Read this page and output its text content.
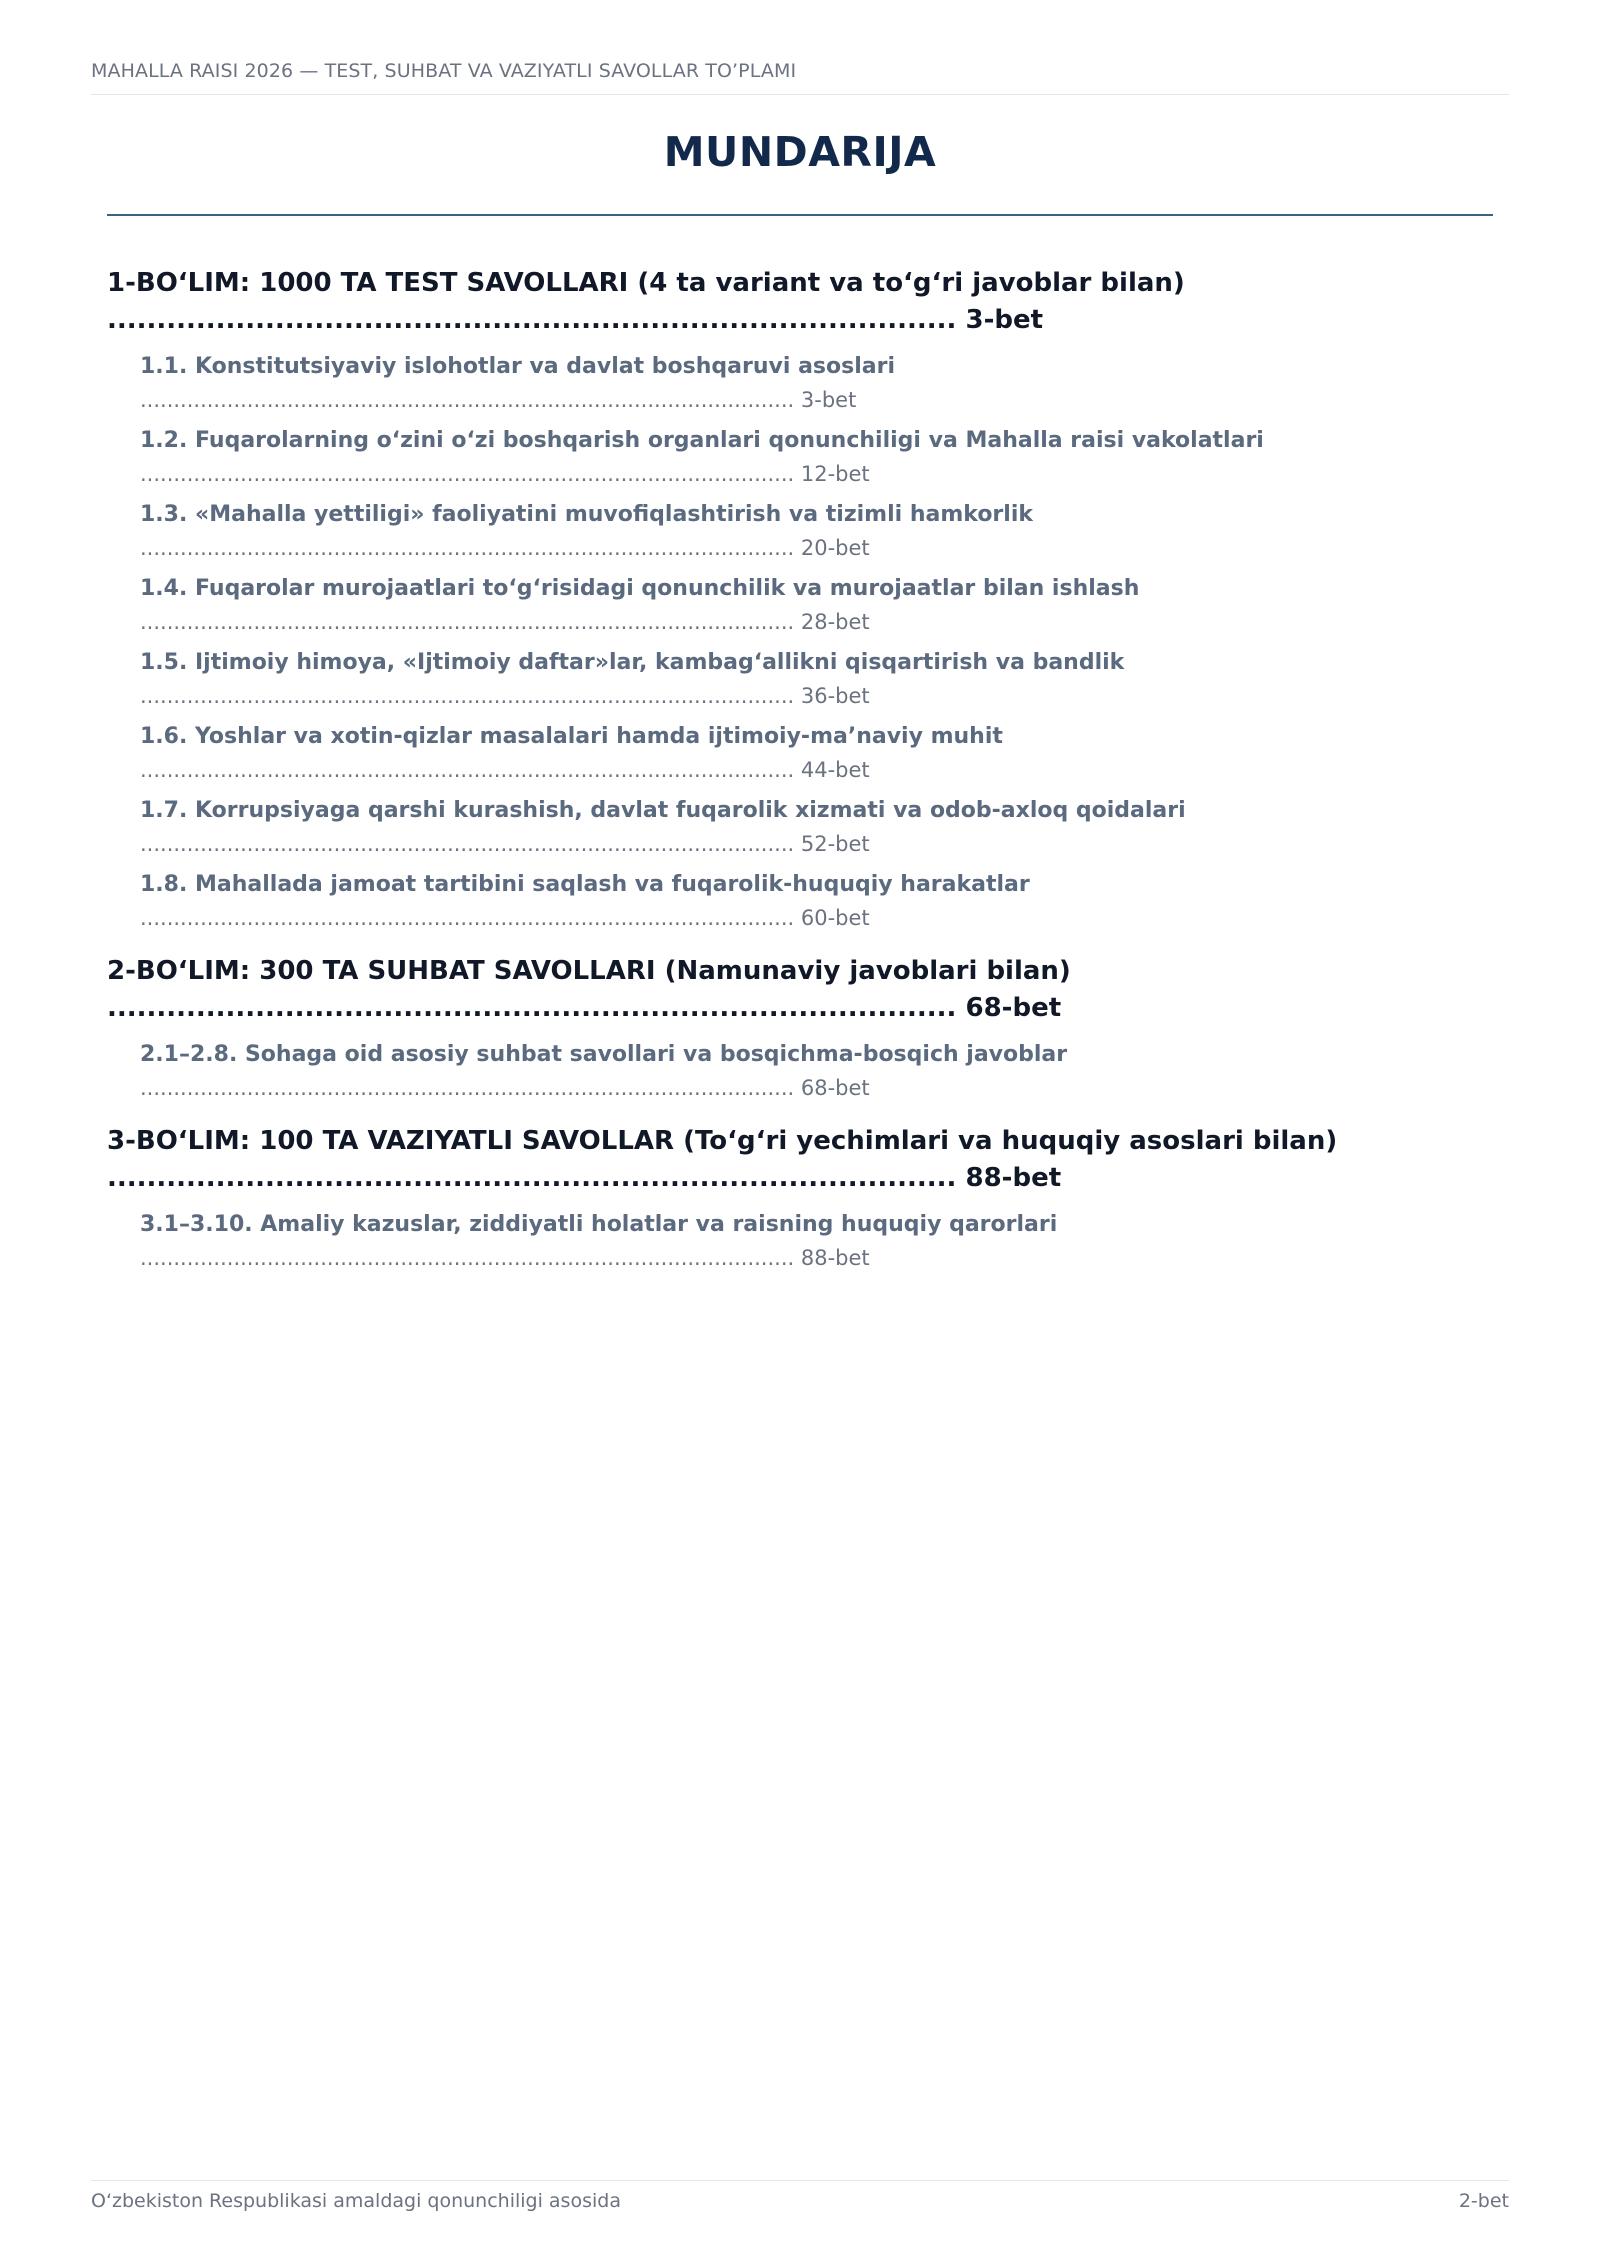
MAHALLA RAISI 2026 — TEST, SUHBAT VA VAZIYATLI SAVOLLAR TO’PLAMI
MUNDARIJA
1-BO‘LIM: 1000 TA TEST SAVOLLARI (4 ta variant va to‘g‘ri javoblar bilan)
...................................................................................... 3-bet
1.1. Konstitutsiyaviy islohotlar va davlat boshqaruvi asoslari
.................................................................................................. 3-bet
1.2. Fuqarolarning o‘zini o‘zi boshqarish organlari qonunchiligi va Mahalla raisi vakolatlari
.................................................................................................. 12-bet
1.3. «Mahalla yettiligi» faoliyatini muvofiqlashtirish va tizimli hamkorlik
.................................................................................................. 20-bet
1.4. Fuqarolar murojaatlari to‘g‘risidagi qonunchilik va murojaatlar bilan ishlash
.................................................................................................. 28-bet
1.5. Ijtimoiy himoya, «Ijtimoiy daftar»lar, kambag‘allikni qisqartirish va bandlik
.................................................................................................. 36-bet
1.6. Yoshlar va xotin-qizlar masalalari hamda ijtimoiy-ma’naviy muhit
.................................................................................................. 44-bet
1.7. Korrupsiyaga qarshi kurashish, davlat fuqarolik xizmati va odob-axloq qoidalari
.................................................................................................. 52-bet
1.8. Mahallada jamoat tartibini saqlash va fuqarolik-huquqiy harakatlar
.................................................................................................. 60-bet
2-BO‘LIM: 300 TA SUHBAT SAVOLLARI (Namunaviy javoblari bilan)
...................................................................................... 68-bet
2.1–2.8. Sohaga oid asosiy suhbat savollari va bosqichma-bosqich javoblar
.................................................................................................. 68-bet
3-BO‘LIM: 100 TA VAZIYATLI SAVOLLAR (To‘g‘ri yechimlari va huquqiy asoslari bilan)
...................................................................................... 88-bet
3.1–3.10. Amaliy kazuslar, ziddiyatli holatlar va raisning huquqiy qarorlari
.................................................................................................. 88-bet
O‘zbekiston Respublikasi amaldagi qonunchiligi asosida	2-bet
